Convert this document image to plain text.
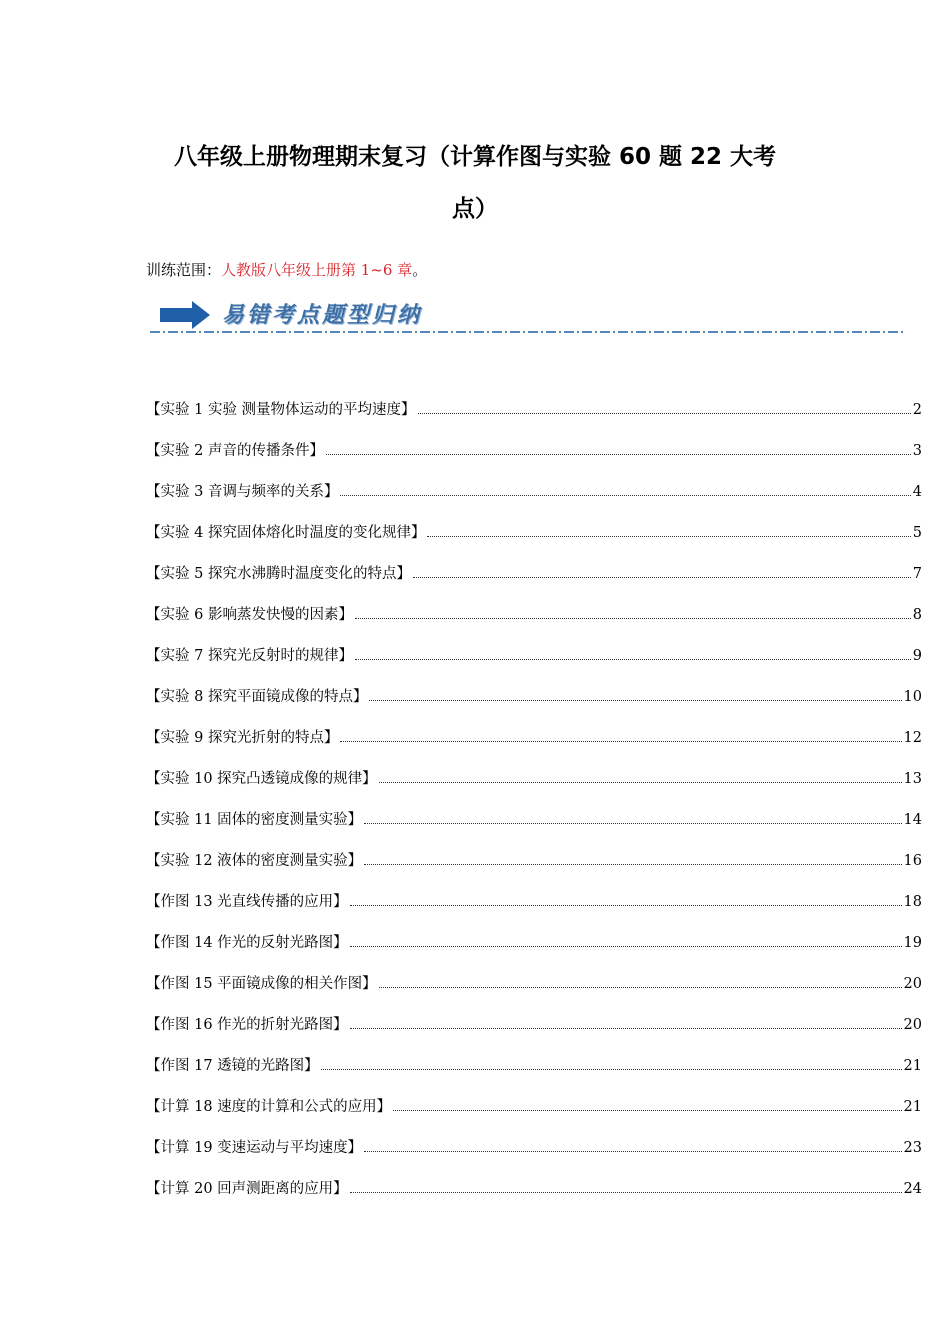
八年级上册物理期末复习（计算作图与实验 60 题 22 大考
点）
训练范围：人教版八年级上册第 1~6 章。
易错考点题型归纳
【实验 1 实验 测量物体运动的平均速度】	2
【实验 2 声音的传播条件】	3
【实验 3 音调与频率的关系】	4
【实验 4 探究固体熔化时温度的变化规律】	5
【实验 5 探究水沸腾时温度变化的特点】	7
【实验 6 影响蒸发快慢的因素】	8
【实验 7 探究光反射时的规律】	9
【实验 8 探究平面镜成像的特点】	10
【实验 9 探究光折射的特点】	12
【实验 10 探究凸透镜成像的规律】	13
【实验 11 固体的密度测量实验】	14
【实验 12 液体的密度测量实验】	16
【作图 13 光直线传播的应用】	18
【作图 14 作光的反射光路图】	19
【作图 15 平面镜成像的相关作图】	20
【作图 16 作光的折射光路图】	20
【作图 17 透镜的光路图】	21
【计算 18 速度的计算和公式的应用】	21
【计算 19 变速运动与平均速度】	23
【计算 20 回声测距离的应用】	24
